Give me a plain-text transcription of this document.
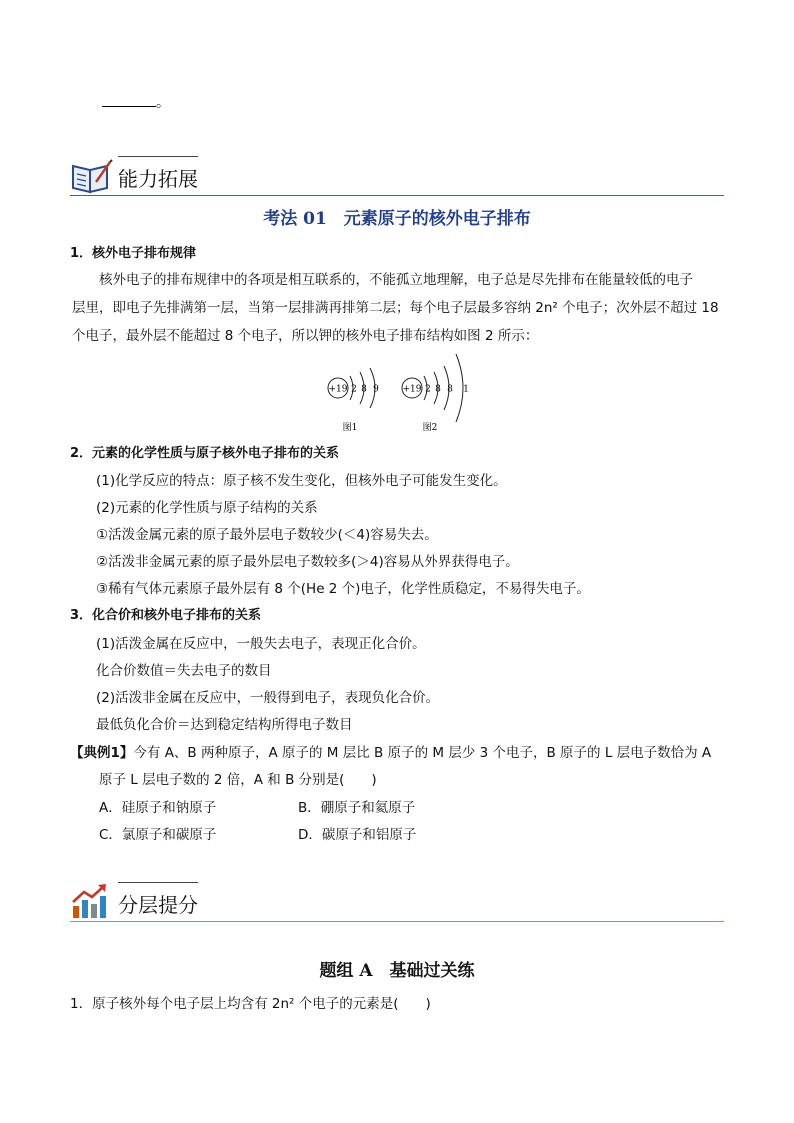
。
能力拓展
考法 01　元素原子的核外电子排布
1．核外电子排布规律
核外电子的排布规律中的各项是相互联系的，不能孤立地理解，电子总是尽先排布在能量较低的电子
层里，即电子先排满第一层，当第一层排满再排第二层；每个电子层最多容纳 2n² 个电子；次外层不超过 18
个电子，最外层不能超过 8 个电子，所以钾的核外电子排布结构如图 2 所示：
+19 2 8 9
图1
+19 2 8 8 1
图2
2．元素的化学性质与原子核外电子排布的关系
(1)化学反应的特点：原子核不发生变化，但核外电子可能发生变化。
(2)元素的化学性质与原子结构的关系
①活泼金属元素的原子最外层电子数较少(＜4)容易失去。
②活泼非金属元素的原子最外层电子数较多(＞4)容易从外界获得电子。
③稀有气体元素原子最外层有 8 个(He 2 个)电子，化学性质稳定，不易得失电子。
3．化合价和核外电子排布的关系
(1)活泼金属在反应中，一般失去电子，表现正化合价。
化合价数值＝失去电子的数目
(2)活泼非金属在反应中，一般得到电子，表现负化合价。
最低负化合价＝达到稳定结构所得电子数目
【典例1】今有 A、B 两种原子，A 原子的 M 层比 B 原子的 M 层少 3 个电子，B 原子的 L 层电子数恰为 A
原子 L 层电子数的 2 倍，A 和 B 分别是(　　)
A．硅原子和钠原子	B．硼原子和氦原子
C．氯原子和碳原子	D．碳原子和铝原子
分层提分
题组 A　基础过关练
1．原子核外每个电子层上均含有 2n² 个电子的元素是(　　)
